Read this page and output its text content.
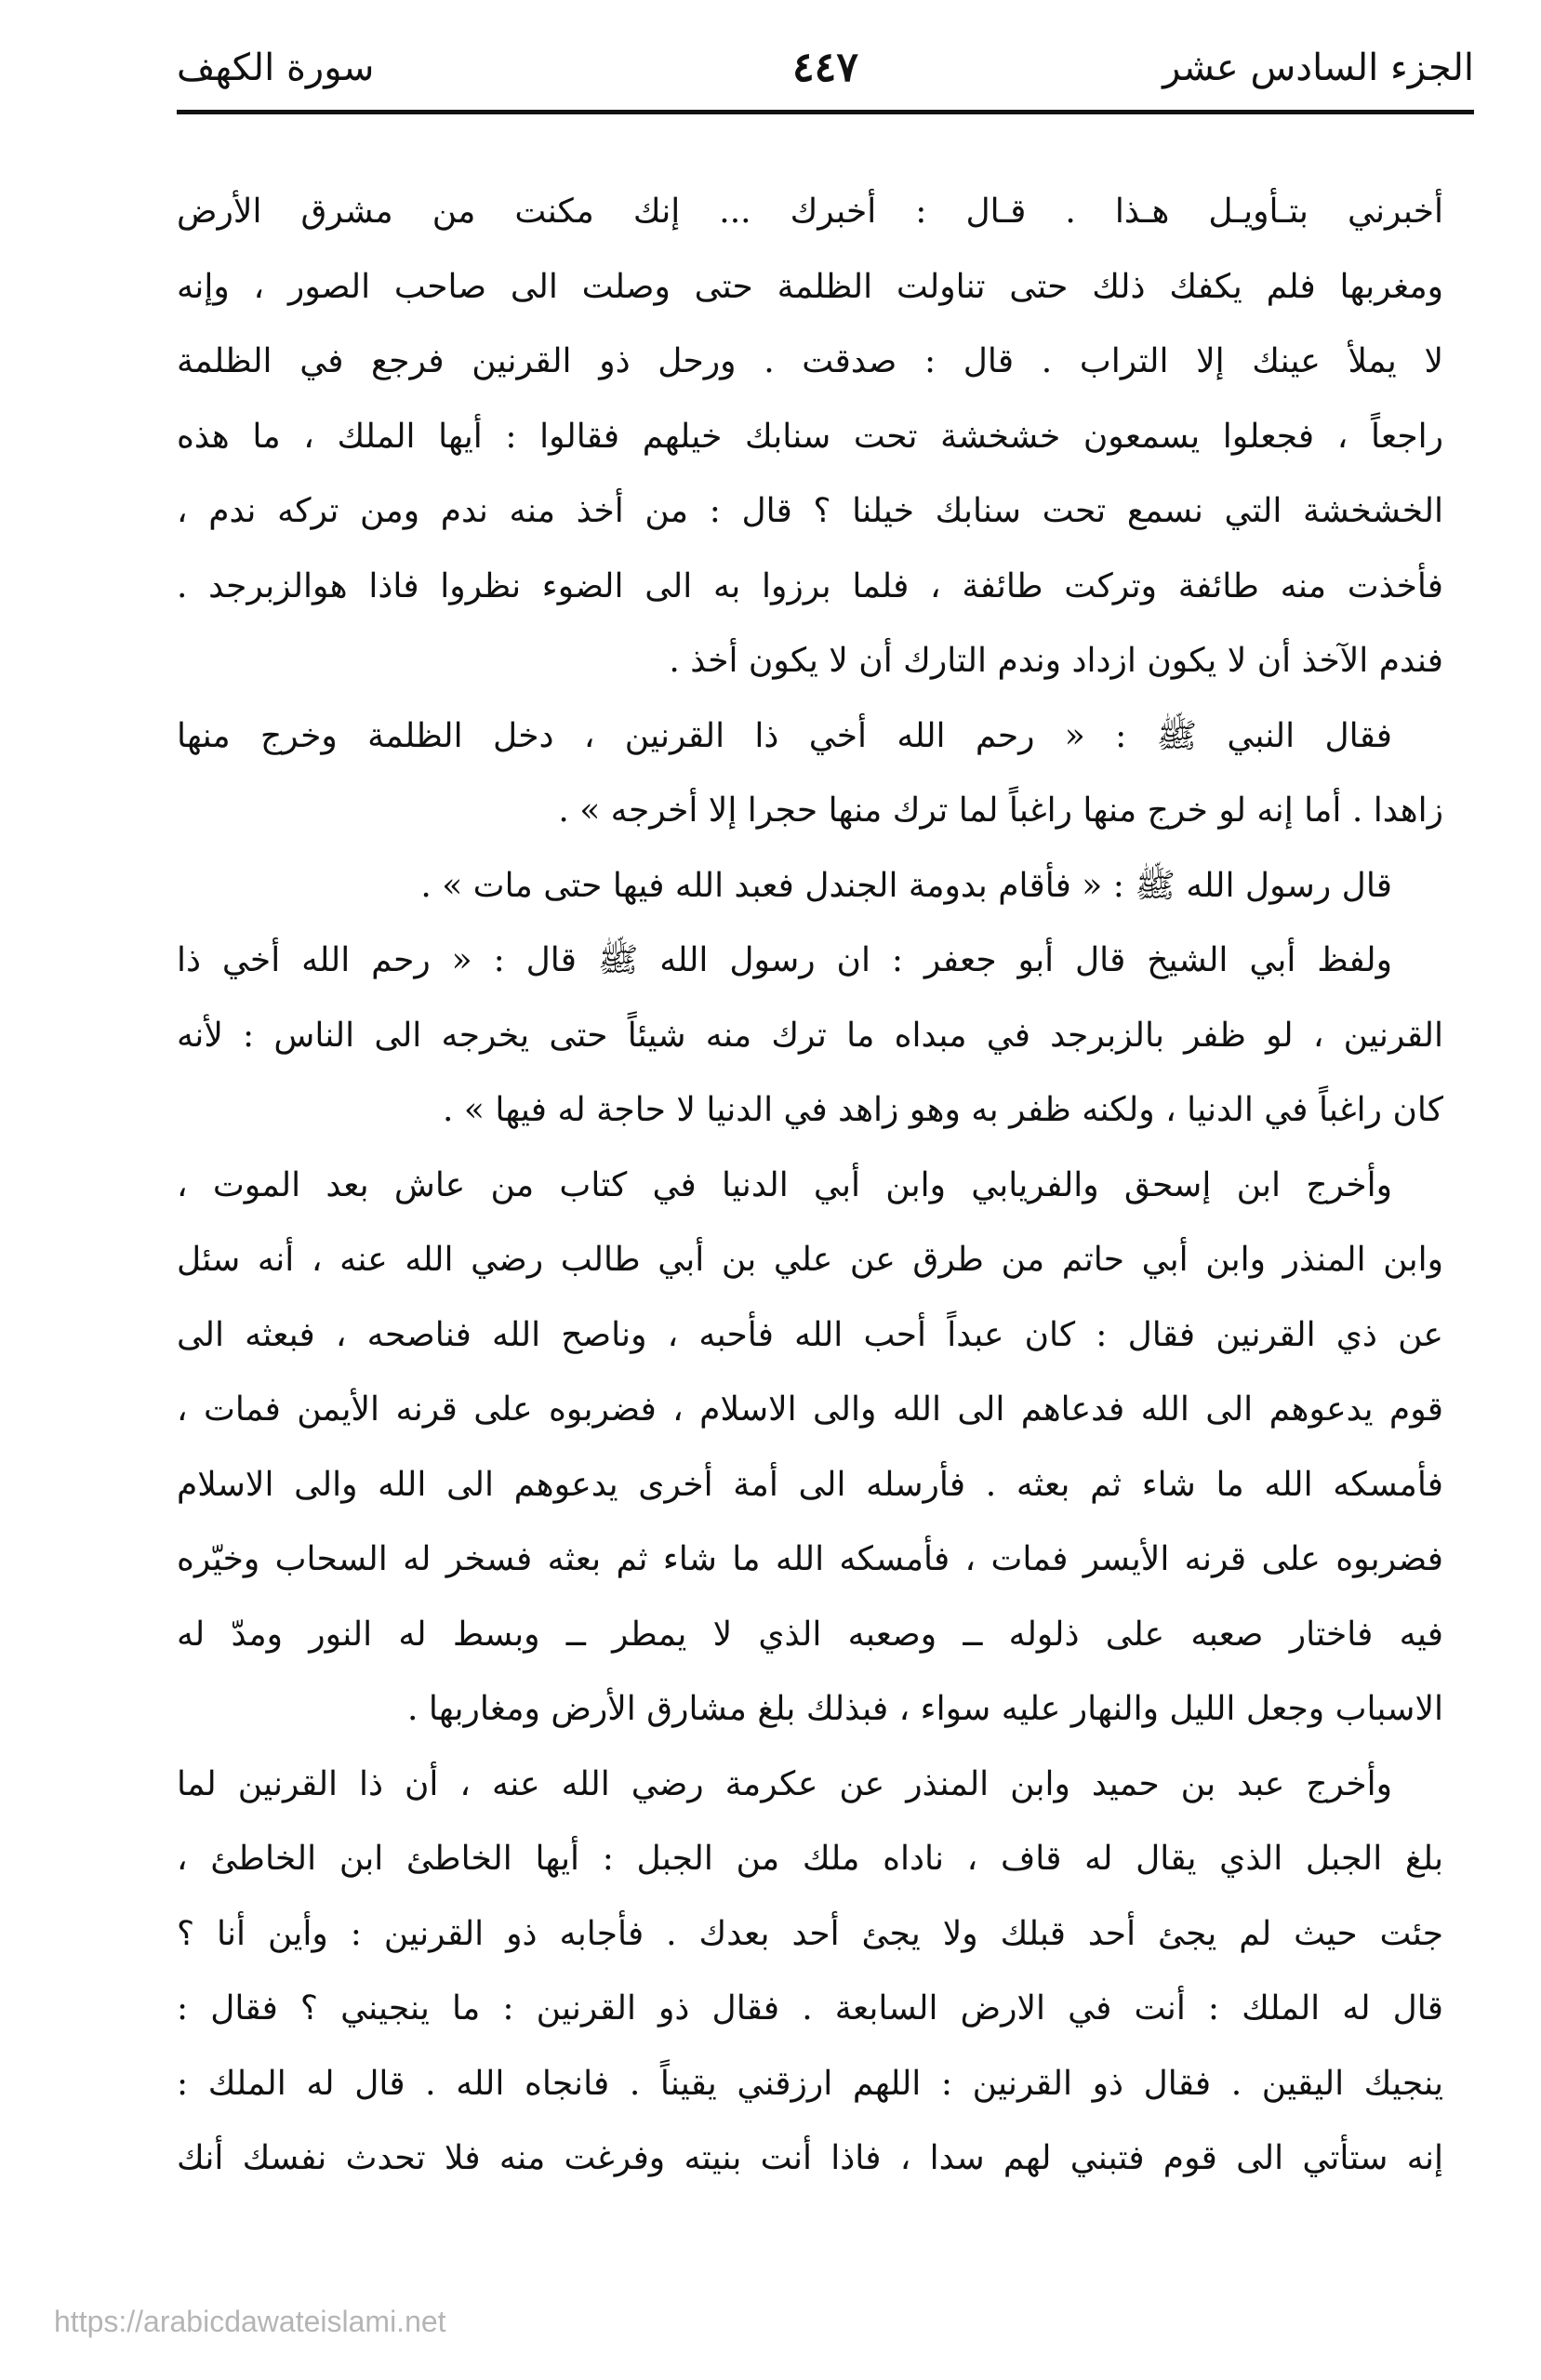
الجزء السادس عشر
٤٤٧
سورة الكهف
أخبرني بتـأويـل هـذا . قـال : أخبرك ... إنك مكنت من مشرق الأرض
ومغربها فلم يكفك ذلك حتى تناولت الظلمة حتى وصلت الى صاحب الصور ، وإنه
لا يملأ عينك إلا التراب . قال : صدقت . ورحل ذو القرنين فرجع في الظلمة
راجعاً ، فجعلوا يسمعون خشخشة تحت سنابك خيلهم فقالوا : أيها الملك ، ما هذه
الخشخشة التي نسمع تحت سنابك خيلنا ؟ قال : من أخذ منه ندم ومن تركه ندم ،
فأخذت منه طائفة وتركت طائفة ، فلما برزوا به الى الضوء نظروا فاذا هوالزبرجد .
فندم الآخذ أن لا يكون ازداد وندم التارك أن لا يكون أخذ .
فقال النبي ﷺ : « رحم الله أخي ذا القرنين ، دخل الظلمة وخرج منها
زاهدا . أما إنه لو خرج منها راغباً لما ترك منها حجرا إلا أخرجه » .
قال رسول الله ﷺ : « فأقام بدومة الجندل فعبد الله فيها حتى مات » .
ولفظ أبي الشيخ قال أبو جعفر : ان رسول الله ﷺ قال : « رحم الله أخي ذا
القرنين ، لو ظفر بالزبرجد في مبداه ما ترك منه شيئاً حتى يخرجه الى الناس : لأنه
كان راغباً في الدنيا ، ولكنه ظفر به وهو زاهد في الدنيا لا حاجة له فيها » .
وأخرج ابن إسحق والفريابي وابن أبي الدنيا في كتاب من عاش بعد الموت ،
وابن المنذر وابن أبي حاتم من طرق عن علي بن أبي طالب رضي الله عنه ، أنه سئل
عن ذي القرنين فقال : كان عبداً أحب الله فأحبه ، وناصح الله فناصحه ، فبعثه الى
قوم يدعوهم الى الله فدعاهم الى الله والى الاسلام ، فضربوه على قرنه الأيمن فمات ،
فأمسكه الله ما شاء ثم بعثه . فأرسله الى أمة أخرى يدعوهم الى الله والى الاسلام
فضربوه على قرنه الأيسر فمات ، فأمسكه الله ما شاء ثم بعثه فسخر له السحاب وخيّره
فيه فاختار صعبه على ذلوله ــ وصعبه الذي لا يمطر ــ وبسط له النور ومدّ له
الاسباب وجعل الليل والنهار عليه سواء ، فبذلك بلغ مشارق الأرض ومغاربها .
وأخرج عبد بن حميد وابن المنذر عن عكرمة رضي الله عنه ، أن ذا القرنين لما
بلغ الجبل الذي يقال له قاف ، ناداه ملك من الجبل : أيها الخاطئ ابن الخاطئ ،
جئت حيث لم يجئ أحد قبلك ولا يجئ أحد بعدك . فأجابه ذو القرنين : وأين أنا ؟
قال له الملك : أنت في الارض السابعة . فقال ذو القرنين : ما ينجيني ؟ فقال :
ينجيك اليقين . فقال ذو القرنين : اللهم ارزقني يقيناً . فانجاه الله . قال له الملك :
إنه ستأتي الى قوم فتبني لهم سدا ، فاذا أنت بنيته وفرغت منه فلا تحدث نفسك أنك
https://arabicdawateislami.net
